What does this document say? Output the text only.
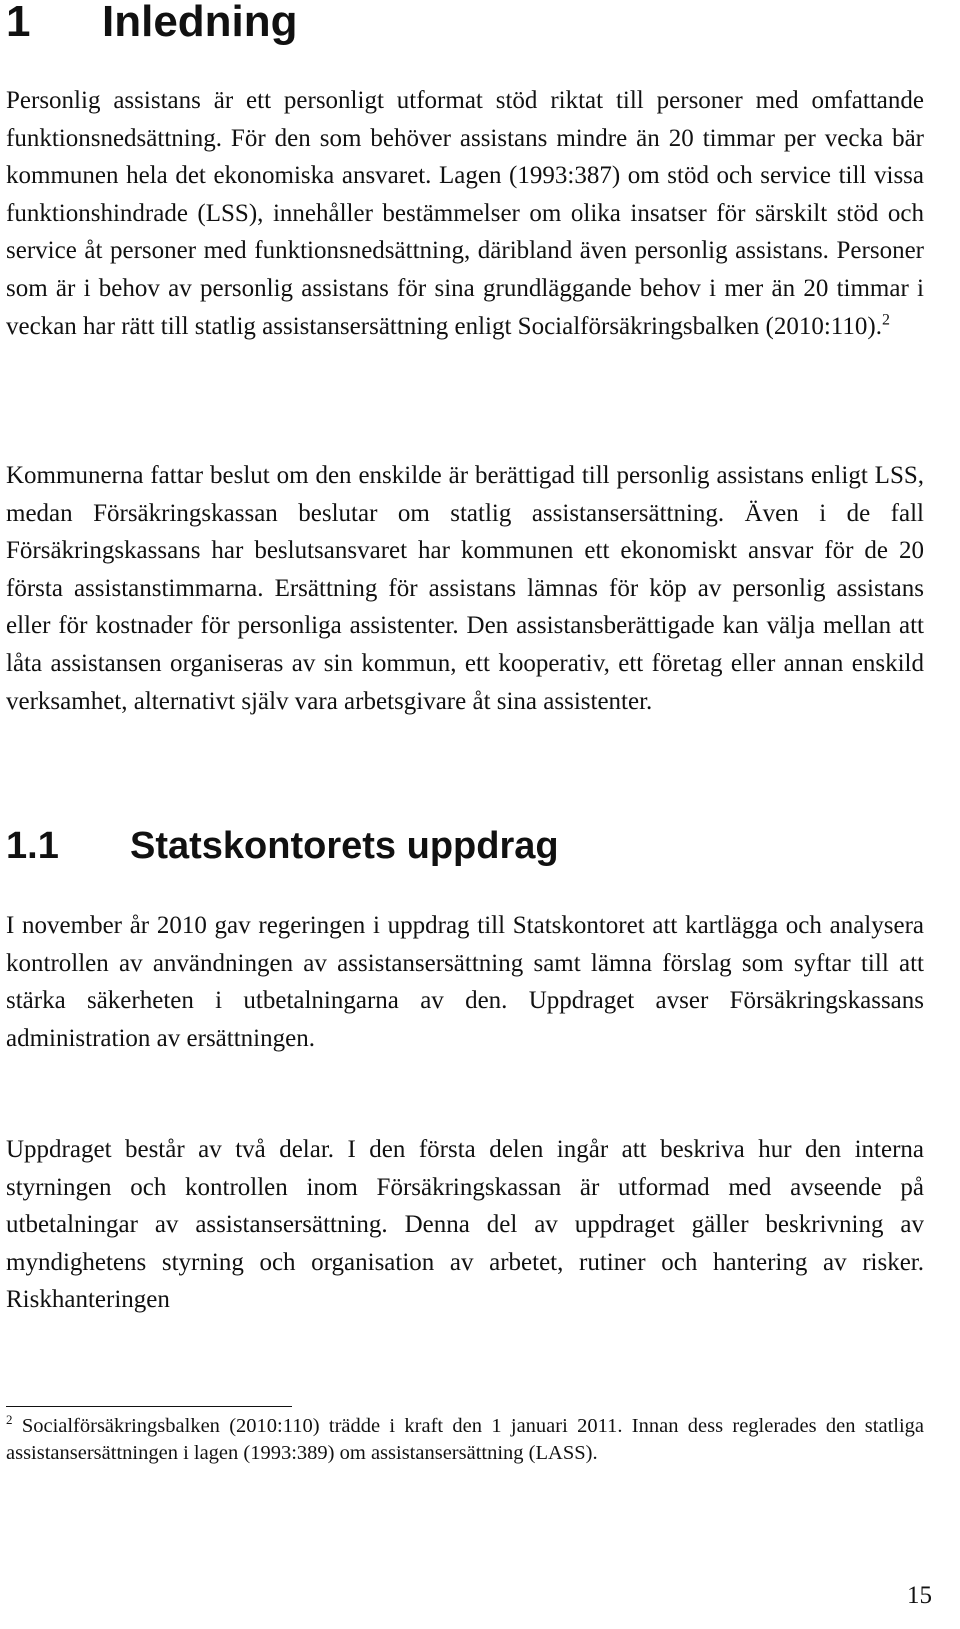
1 Inledning

Personlig assistans är ett personligt utformat stöd riktat till personer med omfattande funktionsnedsättning. För den som behöver assistans mindre än 20 timmar per vecka bär kommunen hela det ekonomiska ansvaret. Lagen (1993:387) om stöd och service till vissa funktionshindrade (LSS), innehåller bestämmelser om olika insatser för särskilt stöd och service åt personer med funktionsnedsättning, däribland även personlig assistans. Personer som är i behov av personlig assistans för sina grundläggande behov i mer än 20 timmar i veckan har rätt till statlig assistansersättning enligt Socialförsäkringsbalken (2010:110).$^2$

Kommunerna fattar beslut om den enskilde är berättigad till personlig assistans enligt LSS, medan Försäkringskassan beslutar om statlig assistansersättning. Även i de fall Försäkringskassans har beslutsansvaret har kommunen ett ekonomiskt ansvar för de 20 första assistanstimmarna. Ersättning för assistans lämnas för köp av personlig assistans eller för kostnader för personliga assistenter. Den assistansberättigade kan välja mellan att låta assistansen organiseras av sin kommun, ett kooperativ, ett företag eller annan enskild verksamhet, alternativt själv vara arbetsgivare åt sina assistenter.

1.1 Statskontorets uppdrag

I november år 2010 gav regeringen i uppdrag till Statskontoret att kartlägga och analysera kontrollen av användningen av assistansersättning samt lämna förslag som syftar till att stärka säkerheten i utbetalningarna av den. Uppdraget avser Försäkringskassans administration av ersättningen.

Uppdraget består av två delar. I den första delen ingår att beskriva hur den interna styrningen och kontrollen inom Försäkringskassan är utformad med avseende på utbetalningar av assistansersättning. Denna del av uppdraget gäller beskrivning av myndighetens styrning och organisation av arbetet, rutiner och hantering av risker. Riskhanteringen

$^2$ Socialförsäkringsbalken (2010:110) trädde i kraft den 1 januari 2011. Innan dess reglerades den statliga assistansersättningen i lagen (1993:389) om assistansersättning (LASS).

15
